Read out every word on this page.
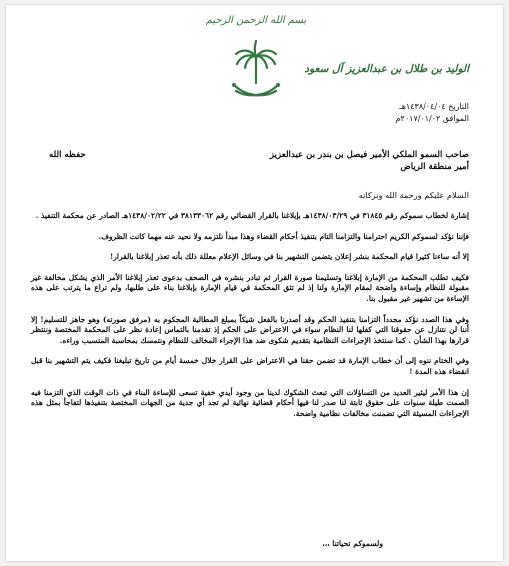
بسم الله الرحمن الرحيم
الوليد بن طلال بن عبدالعزيز آل سعود
التاريخ ١٤٣٨/٠٤/٠٤هـ
الموافق ٢٠١٧/٠١/٠٢م
صاحب السمو الملكي الأمير فيصل بن بندر بن عبدالعزيز
حفظه الله
أمير منطقة الرياض
السلام عليكم ورحمة الله وبركاته

إشارة لخطاب سموكم رقم ٣١٨٤٥ في ١٤٣٨/٠٣/٢٩هـ بإبلاغنا بالقرار القضائي رقم ٣٨١٣٣٠٦٢ في ١٤٣٨/٠٢/٢٢هـ الصادر عن محكمة التنفيذ .

فإننا نؤكد لسموكم الكريم احترامنا والتزامنا التام بتنفيذ أحكام القضاء وهذا مبدأ نلتزمه ولا نحيد عنه مهما كانت الظروف.

إلا أنه ساءنا كثيرا قيام المحكمة بنشر إعلان يتضمن التشهير بنا في وسائل الإعلام معللة ذلك بأنه تعذر إبلاغنا بالقرار!

فكيف تطلب المحكمة من الإمارة إبلاغنا وتسليمنا صورة القرار ثم تبادر بنشره في الصحف بدعوى تعذر إبلاغنا الأمر الذي يشكل مخالفة غير مقبولة للنظام وإساءة واضحة لمقام الإمارة ولنا إذ لم تثق المحكمة في قيام الإمارة بإبلاغنا بناء على طلبها، ولم تراع ما يترتب على هذه الإساءة من تشهير غير مقبول بنا.

وفي هذا الصدد نؤكد مجدداً التزامنا بتنفيذ الحكم وقد أصدرنا بالفعل شيكاً بمبلغ المطالبة المحكوم به (مرفق صورته) وهو جاهز للتسليم! إلا أننا لن نتنازل عن حقوقنا التي كفلها لنا النظام سواء في الاعتراض على الحكم إذ تقدمنا بالتماس إعادة نظر على المحكمة المختصة وننتظر قرارها بهذا الشأن . كما سنتخذ الإجراءات النظامية بتقديم شكوى ضد هذا الإجراء المخالف للنظام ونتمسك بمحاسبة المتسبب وراءه.

وفي الختام ننوه إلى أن خطاب الإمارة قد تضمن حقنا في الاعتراض على القرار خلال خمسة أيام من تاريخ تبليغنا فكيف يتم التشهير بنا قبل انقضاء هذه المدة !

إن هذا الأمر ليثير العديد من التساؤلات التي تبعث الشكوك لدينا من وجود أيدي خفية تسعى للإساءة البناء في ذات الوقت الذي التزمنا فيه الصمت طيلة سنوات على حقوق ثابتة لنا صدر لنا فيها أحكام قضائية نهائية لم تجد أي جدية من الجهات المختصة بتنفيذها لتفاجأ بمثل هذه الإجراءات المسيئة التي تضمنت مخالفات نظامية واضحة.

ولسموكم تحياتنا ،،،
